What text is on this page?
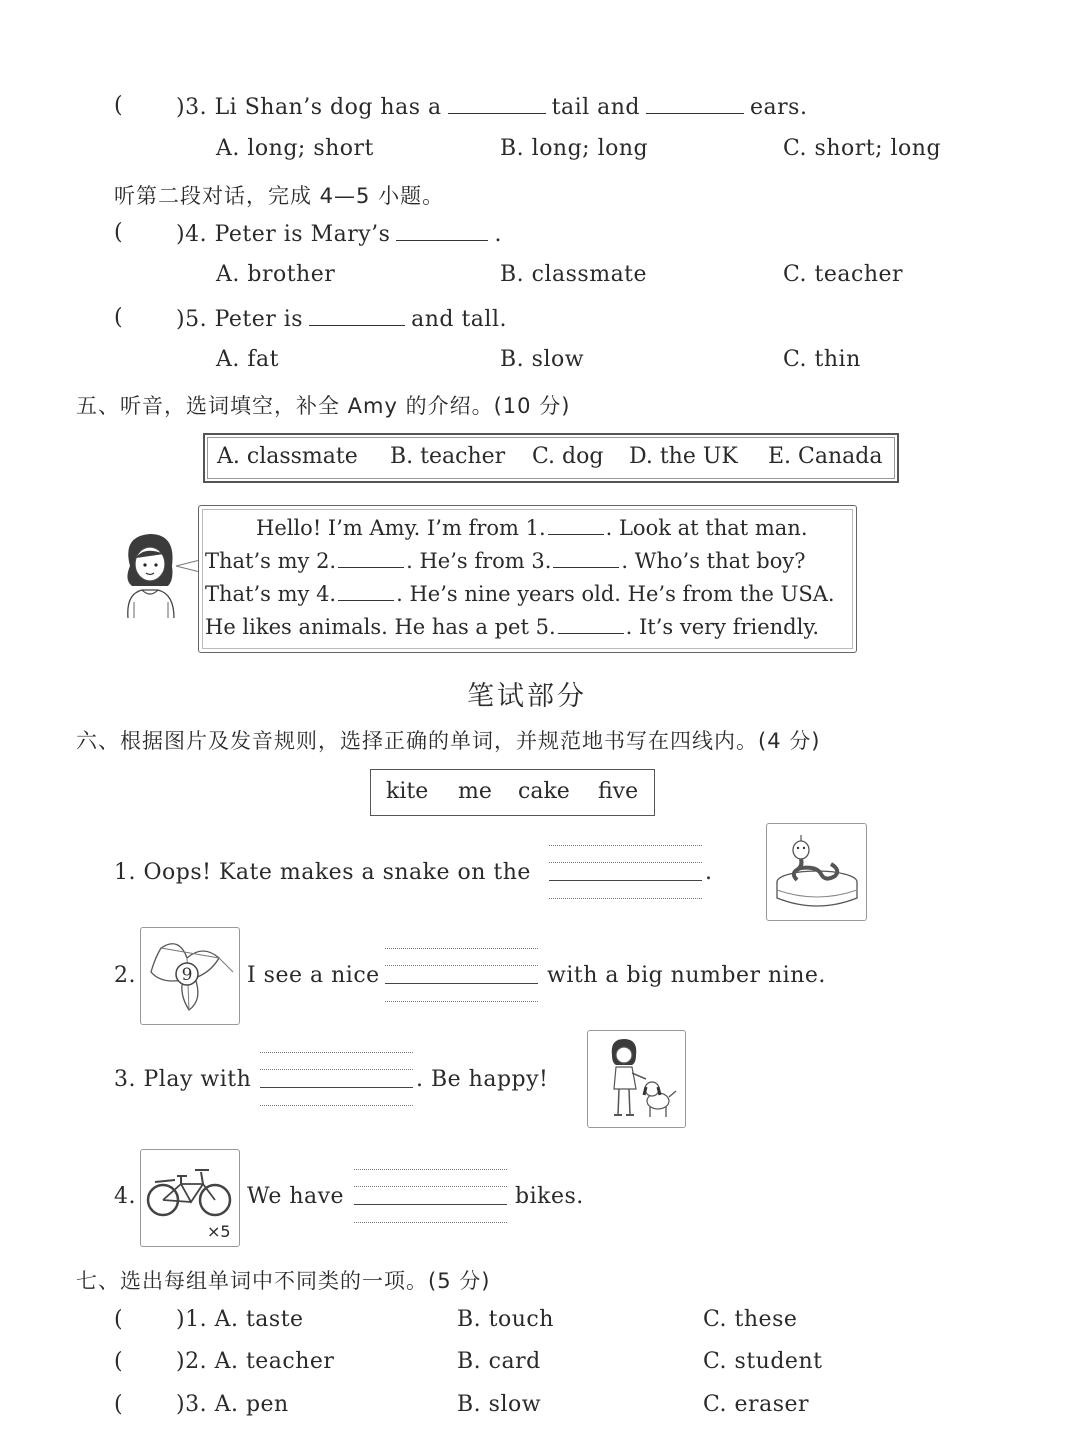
( )3. Li Shan’s dog has a	tail and	ears.
A. long; short	B. long; long	C. short; long
听第二段对话，完成 4—5 小题。
( )4. Peter is Mary’s	.
A. brother	B. classmate	C. teacher
( )5. Peter is	and tall.
A. fat	B. slow	C. thin
五、听音，选词填空，补全 Amy 的介绍。(10 分)
A. classmate B. teacher C. dog D. the UK E. Canada
Hello! I’m Amy. I’m from 1.	. Look at that man.
That’s my 2.	. He’s from 3.	. Who’s that boy?
That’s my 4.	. He’s nine years old. He’s from the USA.
He likes animals. He has a pet 5.	. It’s very friendly.
笔试部分
六、根据图片及发音规则，选择正确的单词，并规范地书写在四线内。(4 分)
kite me cake five
1. Oops! Kate makes a snake on the	.
2.	9 I see a nice	with a big number nine.
3. Play with	. Be happy!
4.
×5
We have	bikes.
七、选出每组单词中不同类的一项。(5 分)
( )1. A. taste	B. touch	C. these
( )2. A. teacher	B. card	C. student
( )3. A. pen	B. slow	C. eraser
